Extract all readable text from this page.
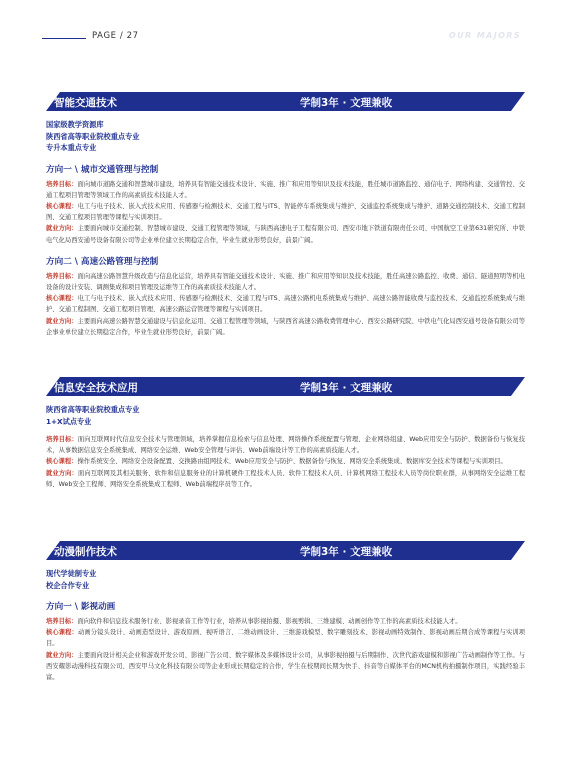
PAGE / 27	OUR MAJORS
智能交通技术	学制3年 · 文理兼收
国家级教学资源库
陕西省高等职业院校重点专业
专升本重点专业
方向一 \ 城市交通管理与控制

培养目标：面向城市道路交通和智慧城市建设，培养具有智能交通技术设计、实施、推广和应用等知识及技术技能，胜任城市道路监控、通信电子、网络构建、交通管控、交通工程项目管理等领域工作的高素质技术技能人才。

核心课程：电工与电子技术、嵌入式技术应用、传感器与检测技术、交通工程与ITS、智能停车系统集成与维护、交通监控系统集成与维护、道路交通控制技术、交通工程制图、交通工程项目管理等课程与实训项目。

就业方向：主要面向城市交通控制、智慧城市建设、交通工程管理等领域，与陕西高速电子工程有限公司、西安市地下铁道有限责任公司、中国航空工业第631研究所、中铁电气化局西安通号设备有限公司等企业单位建立长期稳定合作，毕业生就业形势良好，前景广阔。

方向二 \ 高速公路管理与控制

培养目标：面向高速公路智慧升级改造与信息化运营，培养具有智能交通技术设计、实施、推广和应用等知识及技术技能，胜任高速公路监控、收费、通信、隧道照明等机电设备的设计安装、调测集成和项目管理及运维等工作的高素质技术技能人才。

核心课程：电工与电子技术、嵌入式技术应用、传感器与检测技术、交通工程与ITS、高速公路机电系统集成与维护、高速公路智能收费与监控技术、交通监控系统集成与维护、交通工程制图、交通工程项目管理、高速公路运营管理等课程与实训项目。

就业方向：主要面向高速公路智慧交通建设与信息化运用、交通工程管理等领域，与陕西省高速公路收费管理中心、西安公路研究院、中铁电气化局西安通号设备有限公司等企事业单位建立长期稳定合作，毕业生就业形势良好，前景广阔。

信息安全技术应用	学制3年 · 文理兼收
陕西省高等职业院校重点专业
1+X试点专业

培养目标：面向互联网时代信息安全技术与管理领域，培养掌握信息检索与信息处理、网络操作系统配置与管理、企业网络组建、Web应用安全与防护、数据备份与恢复技术，从事数据信息安全系统集成、网络安全运维、Web安全管理与评估、Web前端设计等工作的高素质技能人才。

核心课程：操作系统安全、网络安全设备配置、交换路由组网技术、Web应用安全与防护、数据备份与恢复、网络安全系统集成、数据库安全技术等课程与实训项目。

就业方向：面向互联网及其相关服务、软件和信息服务业的计算机硬件工程技术人员、软件工程技术人员、计算机网络工程技术人员等岗位职业群，从事网络安全运维工程师、Web安全工程师、网络安全系统集成工程师、Web前端程序员等工作。

动漫制作技术	学制3年 · 文理兼收
现代学徒制专业
校企合作专业
方向一 \ 影视动画

培养目标：面向软件和信息技术服务行业、影视录音工作等行业，培养从事影视拍摄、影视剪辑、三维建模、动画创作等工作的高素质技术技能人才。

核心课程：动画分镜头设计、动画造型设计、游戏原画、视听语言、二维动画设计、三维游戏模型、数字雕刻技术、影视动画特效制作、影视动画后期合成等课程与实训项目。

就业方向：主要面向设计相关企业和游戏开发公司、影视广告公司、数字媒体及多媒体设计公司，从事影视拍摄与后期制作、次世代游戏建模和影视广告动画制作等工作。与西安耀影动漫科技有限公司、西安甲马文化科技有限公司等企业形成长期稳定的合作，学生在校期间长期为快手、抖音等自媒体平台的MCN机构拍摄制作项目，实践经验丰富。
